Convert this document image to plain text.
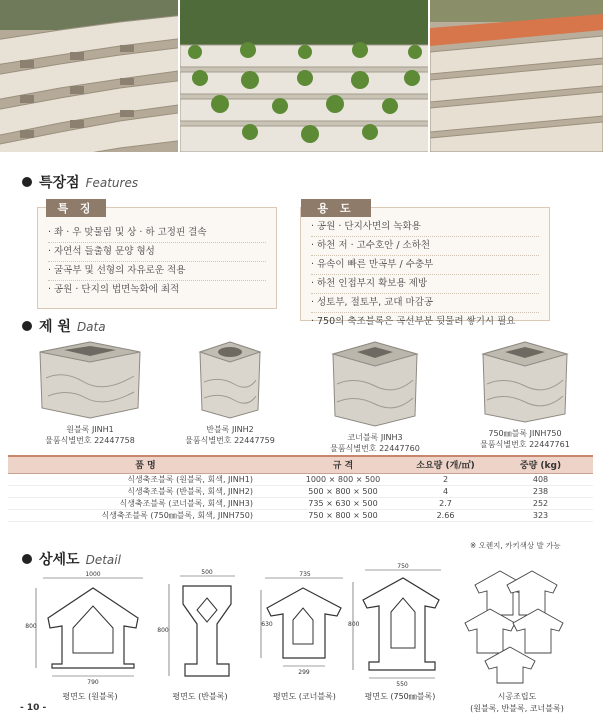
특장점 Features
특 징
· 좌 · 우 맞물림 및 상 · 하 고정핀 결속
· 자연석 들출형 문양 형성
· 굴곡부 및 선형의 자유로운 적용
· 공원 · 단지의 법면녹화에 최적
용 도
· 공원 · 단지사면의 녹화용
· 하천 저 · 고수호안 / 소하천
· 유속이 빠른 만곡부 / 수충부
· 하천 인접부지 확보용 제방
· 성토부, 절토부, 교대 마감공
· 750의 축조블록은 곡선부분 뒷물려 쌓기시 필요
제 원 Data
원블록 JINH1
물품식별번호 22447758
반블록 JINH2
물품식별번호 22447759	코너블록 JINH3
물품식별번호 22447760
750㎜블록 JINH750
물품식별번호 22447761
품 명	규 격	소요량 (개/㎡)	중량 (kg)
식생축조블록 (원블록, 회색, JINH1)	1000 × 800 × 500	2	408
식생축조블록 (반블록, 회색, JINH2)	500 × 800 × 500	4	238
식생축조블록 (코너블록, 회색, JINH3)	735 × 630 × 500	2.7	252
식생축조블록 (750㎜블록, 회색, JINH750)	750 × 800 × 500	2.66	323
※ 오렌지, 카키색상 발 가능
상세도 Detail
1000
800
790
평면도 (원블록)
500
800
평면도 (반블록)
735
630
299
평면도 (코너블록)
750
800
550
평면도 (750㎜블록)	시공조립도
(원블록, 반블록, 코너블록)
- 10 -
